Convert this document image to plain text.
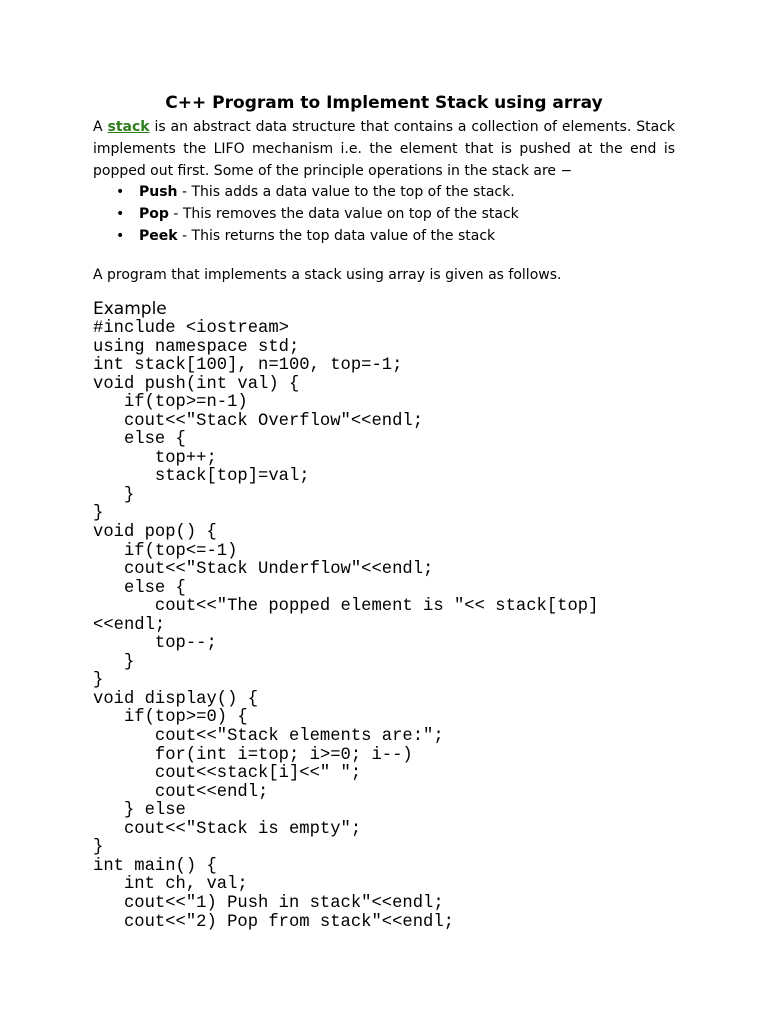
C++ Program to Implement Stack using array

A stack is an abstract data structure that contains a collection of elements. Stack implements the LIFO mechanism i.e. the element that is pushed at the end is popped out first. Some of the principle operations in the stack are −

• Push - This adds a data value to the top of the stack.
• Pop - This removes the data value on top of the stack
• Peek - This returns the top data value of the stack

A program that implements a stack using array is given as follows.

Example

#include <iostream>
using namespace std;
int stack[100], n=100, top=-1;
void push(int val) {
if(top>=n-1)
cout<<"Stack Overflow"<<endl;
else {
top++;
stack[top]=val;
}
}
void pop() {
if(top<=-1)
cout<<"Stack Underflow"<<endl;
else {
cout<<"The popped element is "<< stack[top]
<<endl;
top--;
}
}
void display() {
if(top>=0) {
cout<<"Stack elements are:";
for(int i=top; i>=0; i--)
cout<<stack[i]<<" ";
cout<<endl;
} else
cout<<"Stack is empty";
}
int main() {
int ch, val;
cout<<"1) Push in stack"<<endl;
cout<<"2) Pop from stack"<<endl;
